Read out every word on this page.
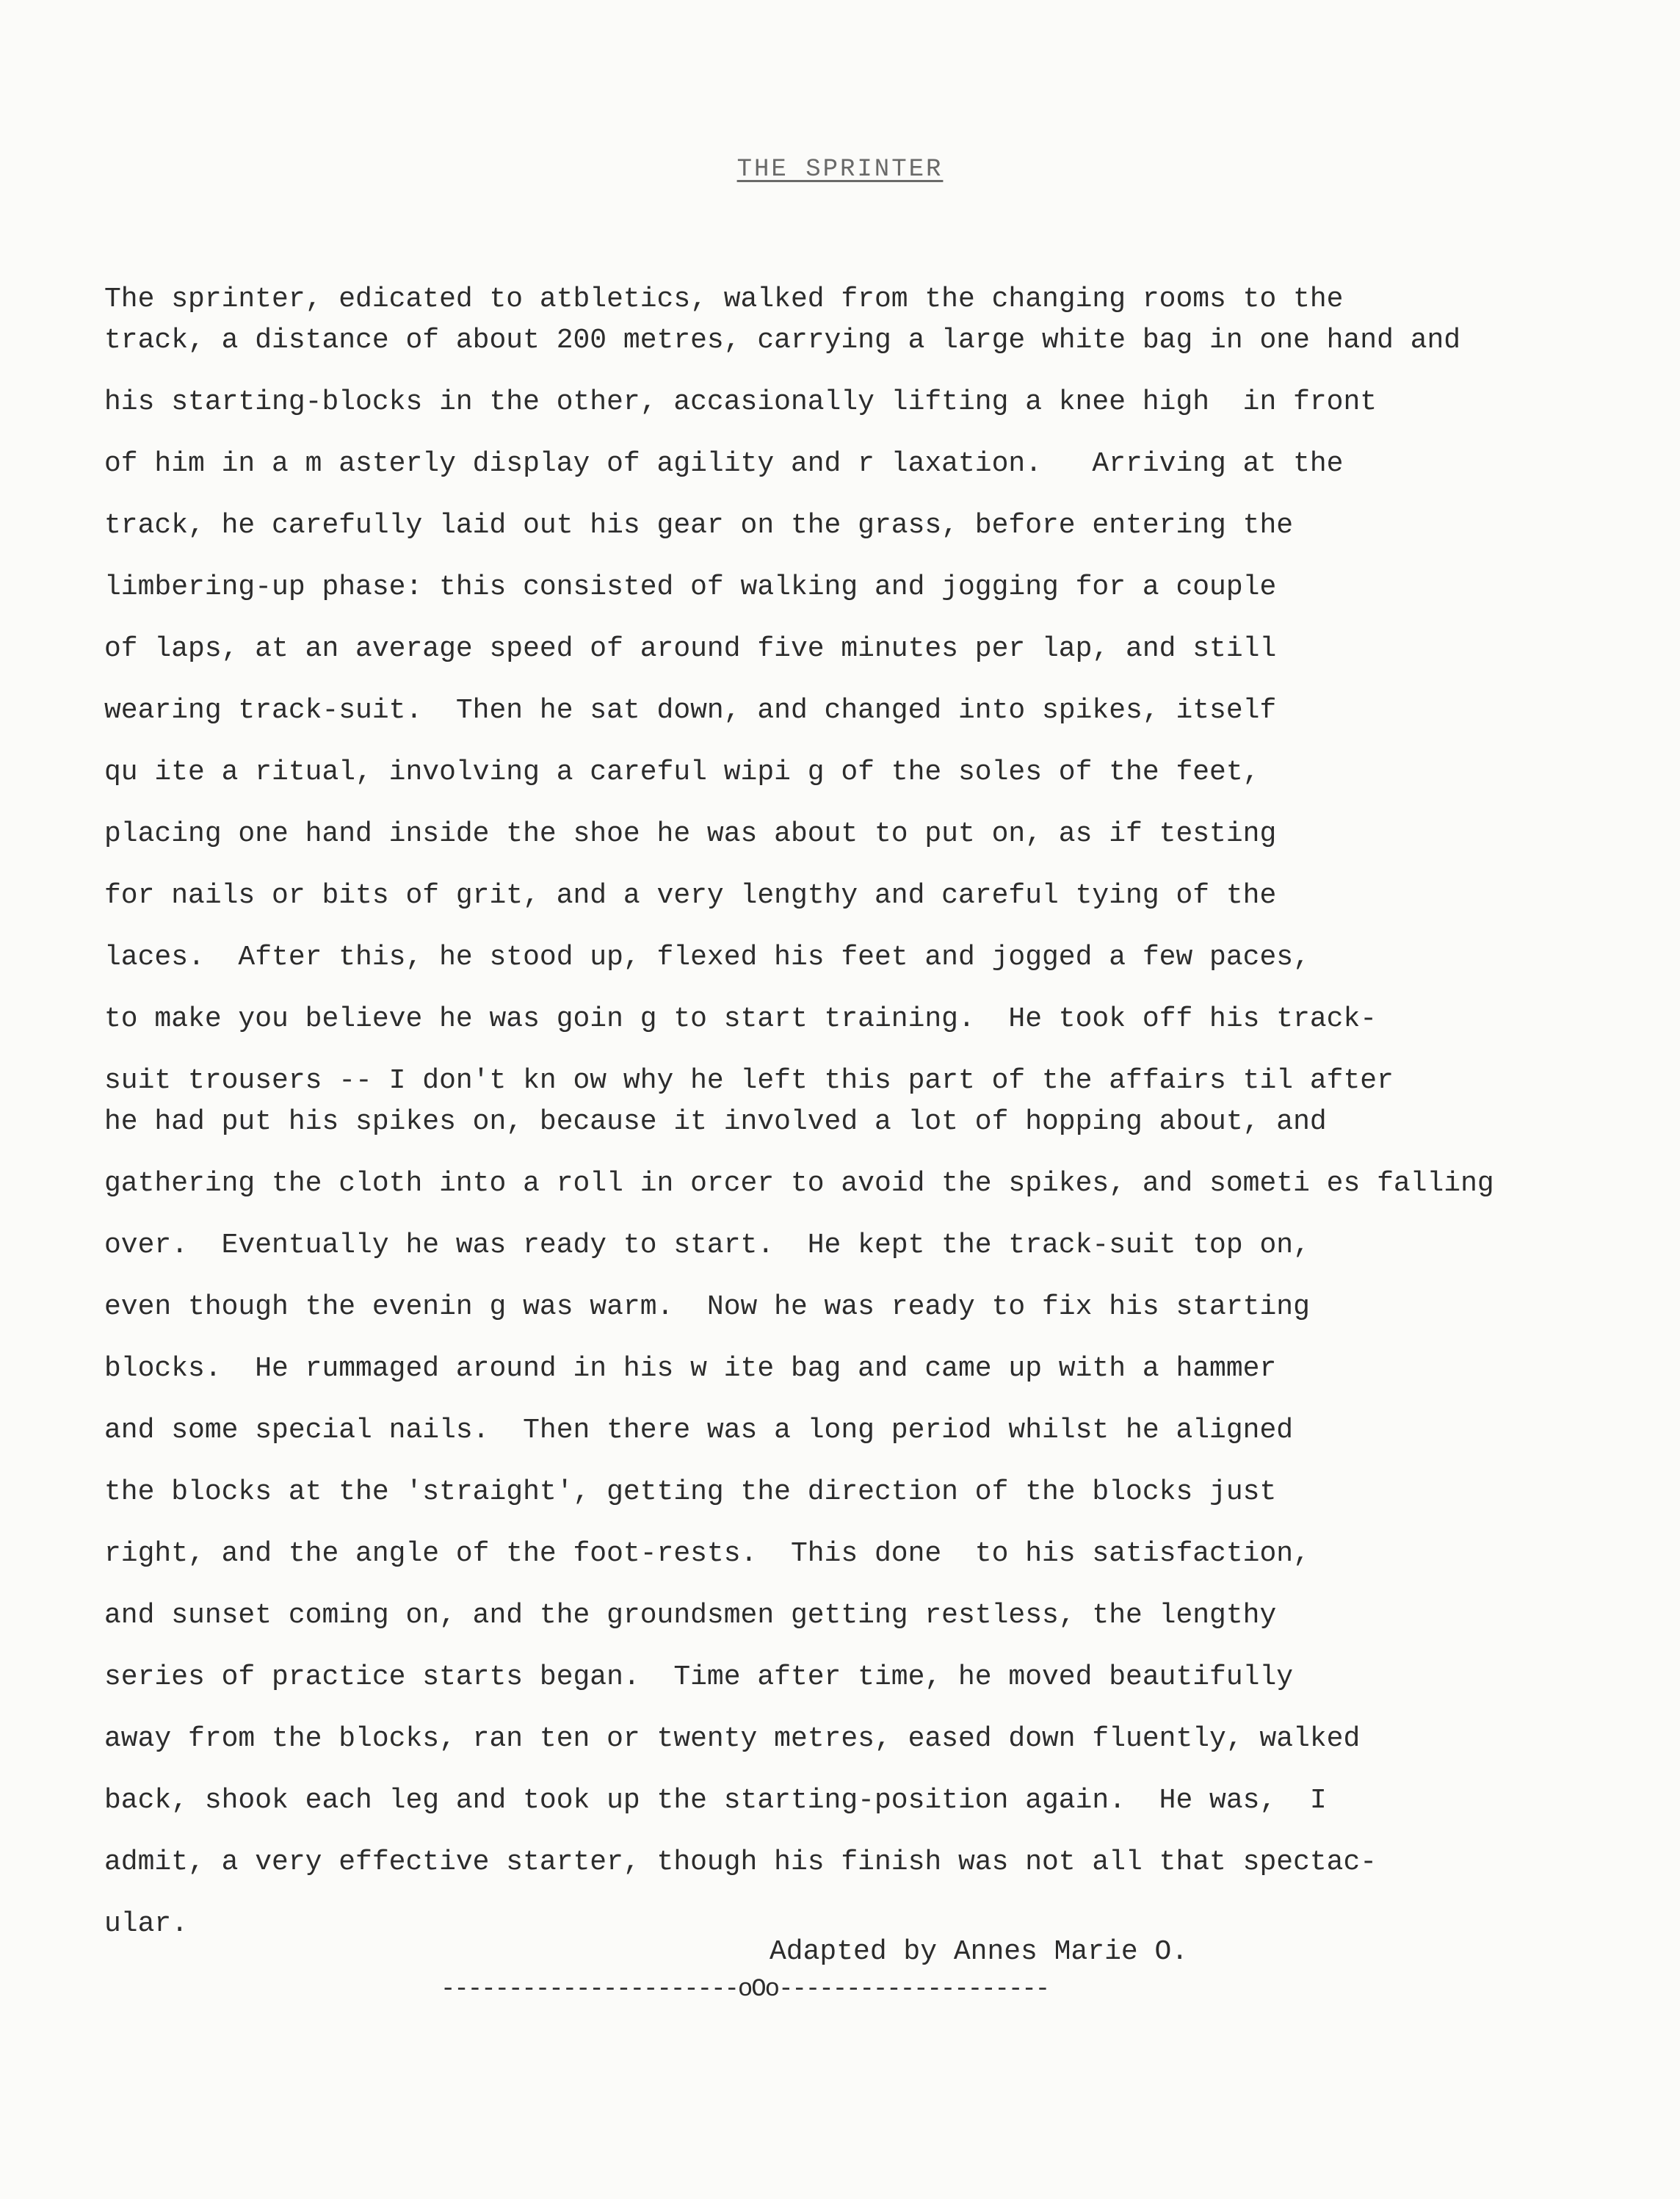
THE SPRINTER
The sprinter, edicated to atbletics, walked from the changing rooms to the
track, a distance of about 200 metres, carrying a large white bag in one hand and
his starting-blocks in the other, accasionally lifting a knee high  in front
of him in a m asterly display of agility and r laxation.   Arriving at the
track, he carefully laid out his gear on the grass, before entering the
limbering-up phase: this consisted of walking and jogging for a couple
of laps, at an average speed of around five minutes per lap, and still
wearing track-suit.  Then he sat down, and changed into spikes, itself
qu ite a ritual, involving a careful wipi g of the soles of the feet,
placing one hand inside the shoe he was about to put on, as if testing
for nails or bits of grit, and a very lengthy and careful tying of the
laces.  After this, he stood up, flexed his feet and jogged a few paces,
to make you believe he was goin g to start training.  He took off his track-
suit trousers -- I don't kn ow why he left this part of the affairs til after
he had put his spikes on, because it involved a lot of hopping about, and
gathering the cloth into a roll in orcer to avoid the spikes, and someti es falling
over.  Eventually he was ready to start.  He kept the track-suit top on,
even though the evenin g was warm.  Now he was ready to fix his starting
blocks.  He rummaged around in his w ite bag and came up with a hammer
and some special nails.  Then there was a long period whilst he aligned
the blocks at the 'straight', getting the direction of the blocks just
right, and the angle of the foot-rests.  This done  to his satisfaction,
and sunset coming on, and the groundsmen getting restless, the lengthy
series of practice starts began.  Time after time, he moved beautifully
away from the blocks, ran ten or twenty metres, eased down fluently, walked
back, shook each leg and took up the starting-position again.  He was,  I
admit, a very effective starter, though his finish was not all that spectac-
ular.
Adapted by Annes Marie O.
----------------------oOo--------------------
